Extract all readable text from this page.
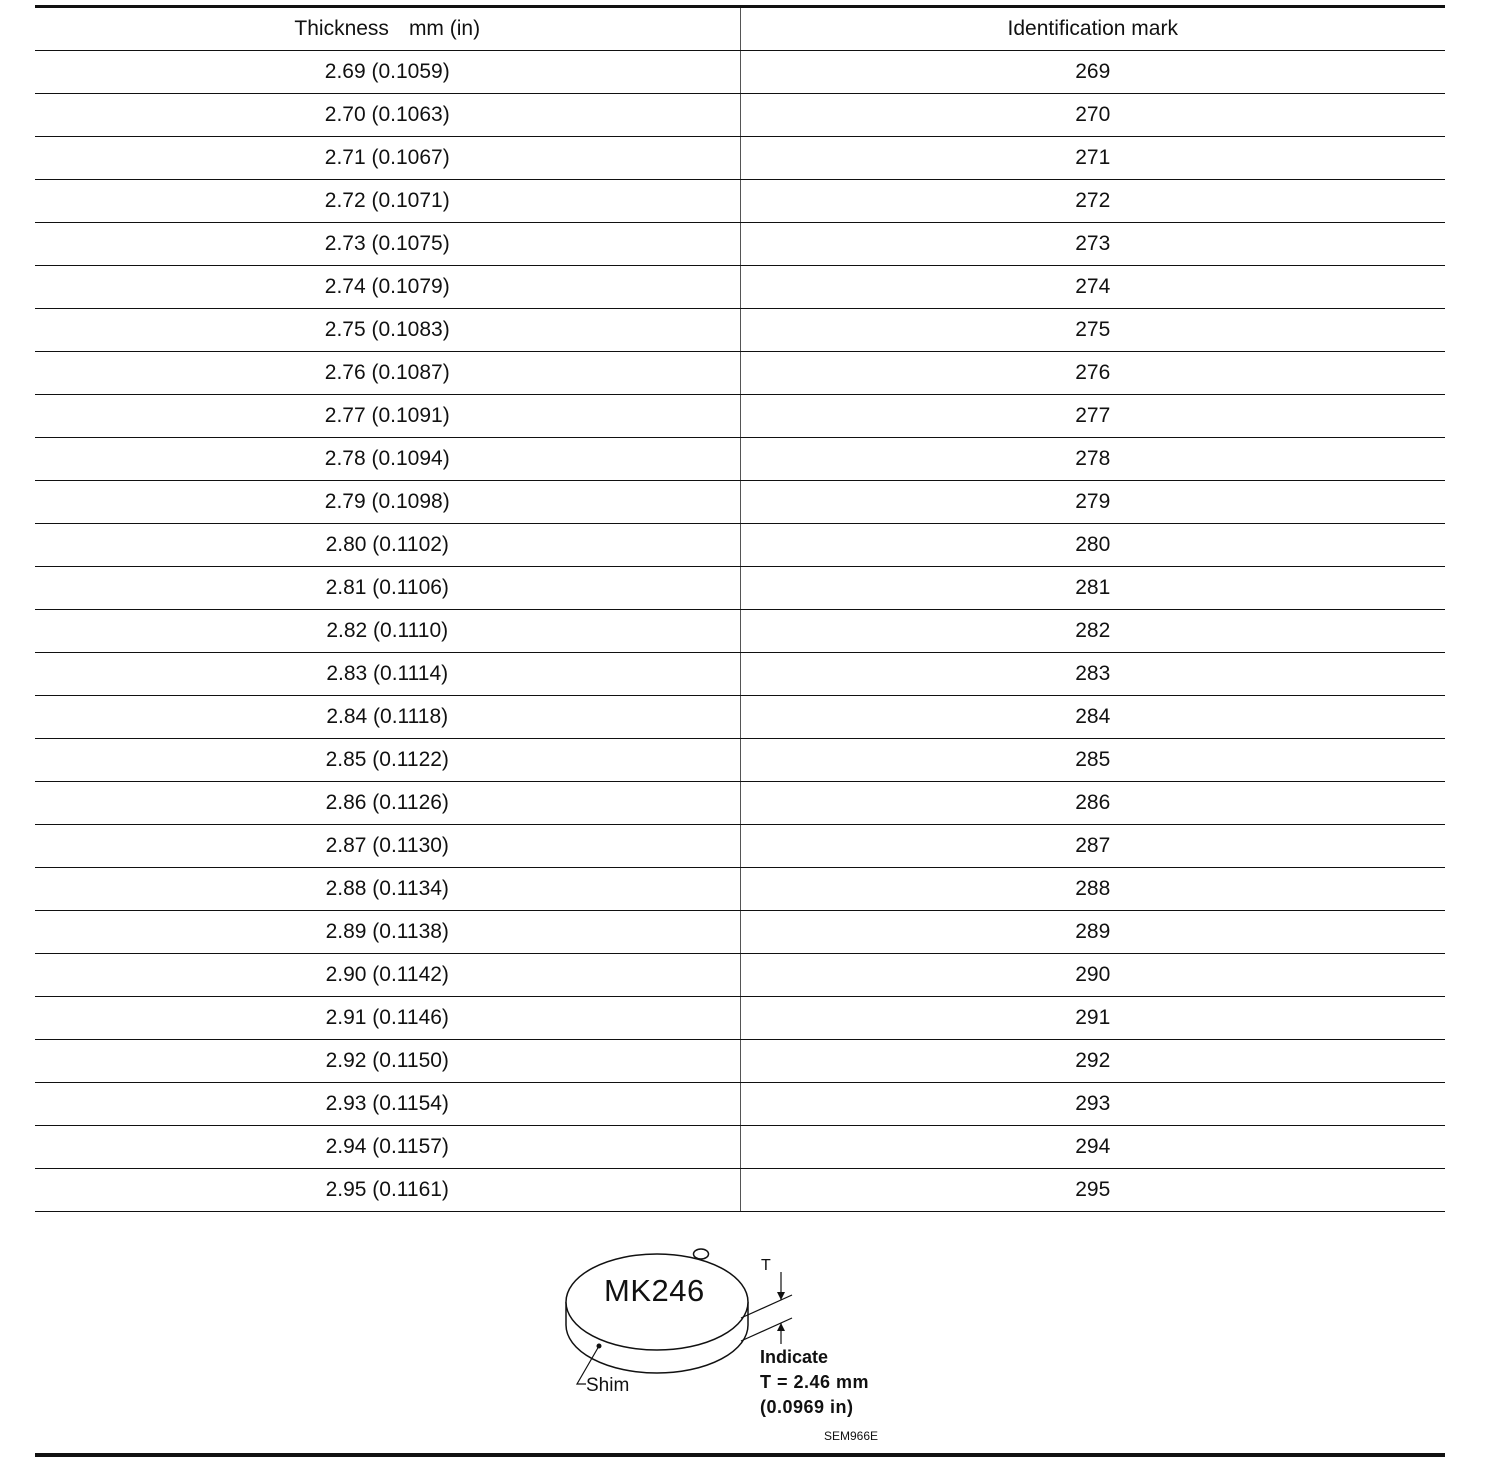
Thickness mm (in)	Identification mark
2.69 (0.1059)	269
2.70 (0.1063)	270
2.71 (0.1067)	271
2.72 (0.1071)	272
2.73 (0.1075)	273
2.74 (0.1079)	274
2.75 (0.1083)	275
2.76 (0.1087)	276
2.77 (0.1091)	277
2.78 (0.1094)	278
2.79 (0.1098)	279
2.80 (0.1102)	280
2.81 (0.1106)	281
2.82 (0.1110)	282
2.83 (0.1114)	283
2.84 (0.1118)	284
2.85 (0.1122)	285
2.86 (0.1126)	286
2.87 (0.1130)	287
2.88 (0.1134)	288
2.89 (0.1138)	289
2.90 (0.1142)	290
2.91 (0.1146)	291
2.92 (0.1150)	292
2.93 (0.1154)	293
2.94 (0.1157)	294
2.95 (0.1161)	295
MK246
T
Shim
Indicate
T = 2.46 mm
(0.0969 in)
SEM966E
